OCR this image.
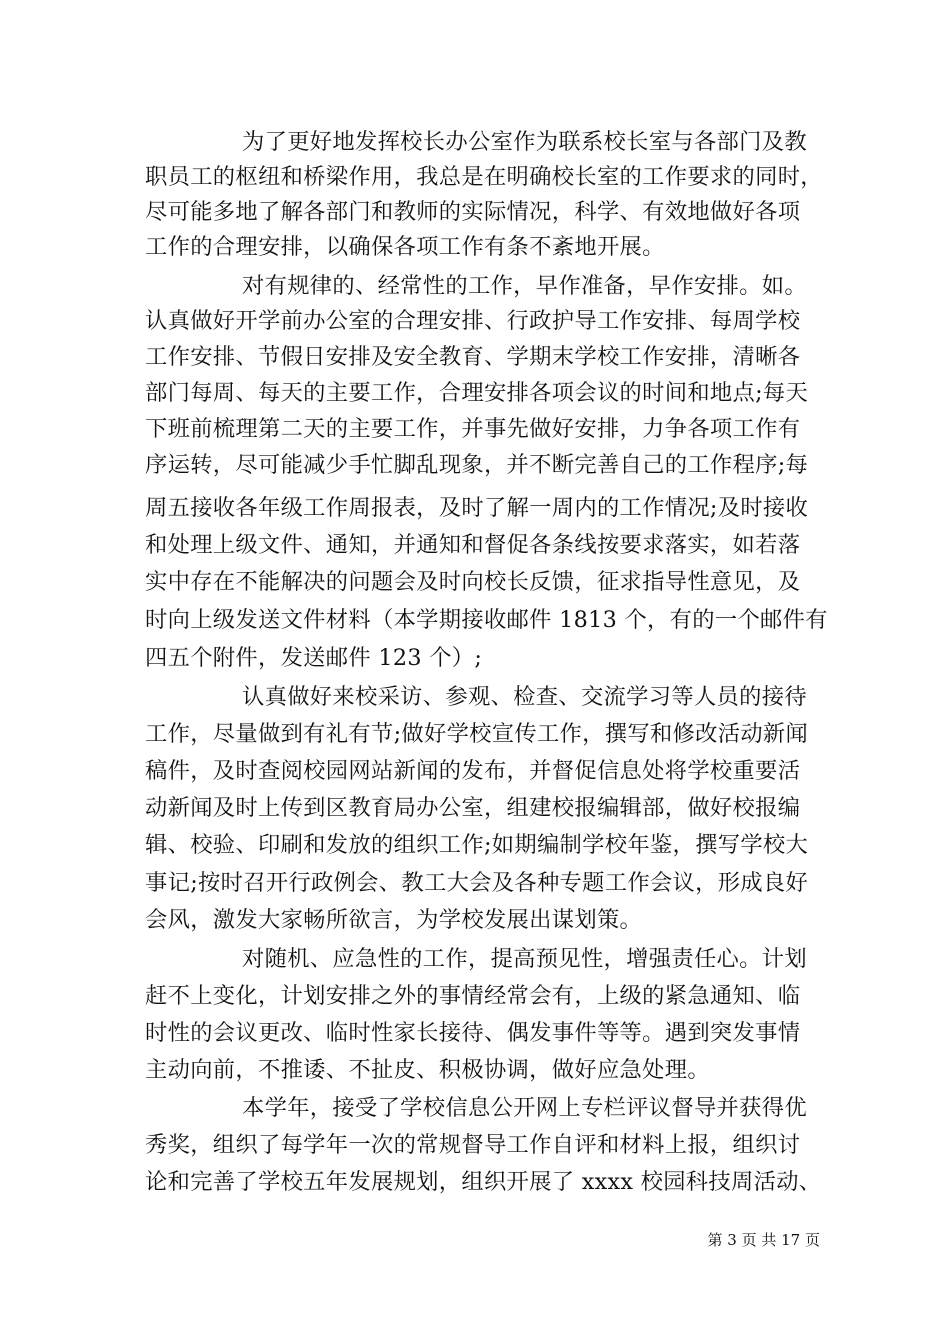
为了更好地发挥校长办公室作为联系校长室与各部门及教
职员工的枢纽和桥梁作用，我总是在明确校长室的工作要求的同时，
尽可能多地了解各部门和教师的实际情况，科学、有效地做好各项
工作的合理安排，以确保各项工作有条不紊地开展。
对有规律的、经常性的工作，早作准备，早作安排。如。
认真做好开学前办公室的合理安排、行政护导工作安排、每周学校
工作安排、节假日安排及安全教育、学期末学校工作安排，清晰各
部门每周、每天的主要工作，合理安排各项会议的时间和地点;每天
下班前梳理第二天的主要工作，并事先做好安排，力争各项工作有
序运转，尽可能减少手忙脚乱现象，并不断完善自己的工作程序;每
周五接收各年级工作周报表，及时了解一周内的工作情况;及时接收
和处理上级文件、通知，并通知和督促各条线按要求落实，如若落
实中存在不能解决的问题会及时向校长反馈，征求指导性意见，及
时向上级发送文件材料（本学期接收邮件 1813 个，有的一个邮件有
四五个附件，发送邮件 123 个）;
认真做好来校采访、参观、检查、交流学习等人员的接待
工作，尽量做到有礼有节;做好学校宣传工作，撰写和修改活动新闻
稿件，及时查阅校园网站新闻的发布，并督促信息处将学校重要活
动新闻及时上传到区教育局办公室，组建校报编辑部，做好校报编
辑、校验、印刷和发放的组织工作;如期编制学校年鉴，撰写学校大
事记;按时召开行政例会、教工大会及各种专题工作会议，形成良好
会风，激发大家畅所欲言，为学校发展出谋划策。
对随机、应急性的工作，提高预见性，增强责任心。计划
赶不上变化，计划安排之外的事情经常会有，上级的紧急通知、临
时性的会议更改、临时性家长接待、偶发事件等等。遇到突发事情
主动向前，不推诿、不扯皮、积极协调，做好应急处理。
本学年，接受了学校信息公开网上专栏评议督导并获得优
秀奖，组织了每学年一次的常规督导工作自评和材料上报，组织讨
论和完善了学校五年发展规划，组织开展了 xxxx 校园科技周活动、
第 3 页 共 17 页
